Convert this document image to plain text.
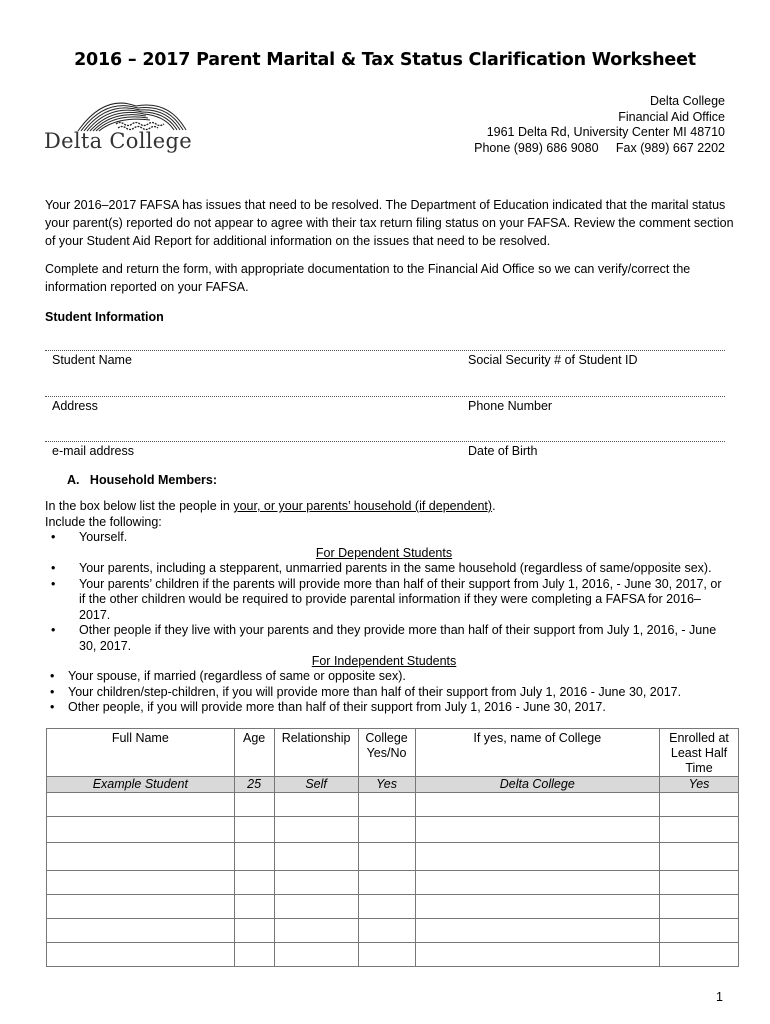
2016 – 2017 Parent Marital & Tax Status Clarification Worksheet
Delta College
Delta College
Financial Aid Office
1961 Delta Rd, University Center MI 48710
Phone (989) 686 9080     Fax (989) 667 2202
Your 2016–2017 FAFSA has issues that need to be resolved. The Department of Education indicated that the marital status your parent(s) reported do not appear to agree with their tax return filing status on your FAFSA. Review the comment section of your Student Aid Report for additional information on the issues that need to be resolved.
Complete and return the form, with appropriate documentation to the Financial Aid Office so we can verify/correct the information reported on your FAFSA.
Student Information
Student Name	Social Security # of Student ID
Address	Phone Number
e-mail address	Date of Birth
A.   Household Members:
In the box below list the people in your, or your parents’ household (if dependent).
Include the following:
• Yourself.
For Dependent Students
• Your parents, including a stepparent, unmarried parents in the same household (regardless of same/opposite sex).
• Your parents’ children if the parents will provide more than half of their support from July 1, 2016, - June 30, 2017, or if the other children would be required to provide parental information if they were completing a FAFSA for 2016–2017.
• Other people if they live with your parents and they provide more than half of their support from July 1, 2016, - June 30, 2017.
For Independent Students
• Your spouse, if married (regardless of same or opposite sex).
• Your children/step-children, if you will provide more than half of their support from July 1, 2016 - June 30, 2017.
• Other people, if you will provide more than half of their support from July 1, 2016 - June 30, 2017.
Full Name	Age	Relationship	College Yes/No	If yes, name of College	Enrolled at Least Half Time
Example Student	25	Self	Yes	Delta College	Yes

1
